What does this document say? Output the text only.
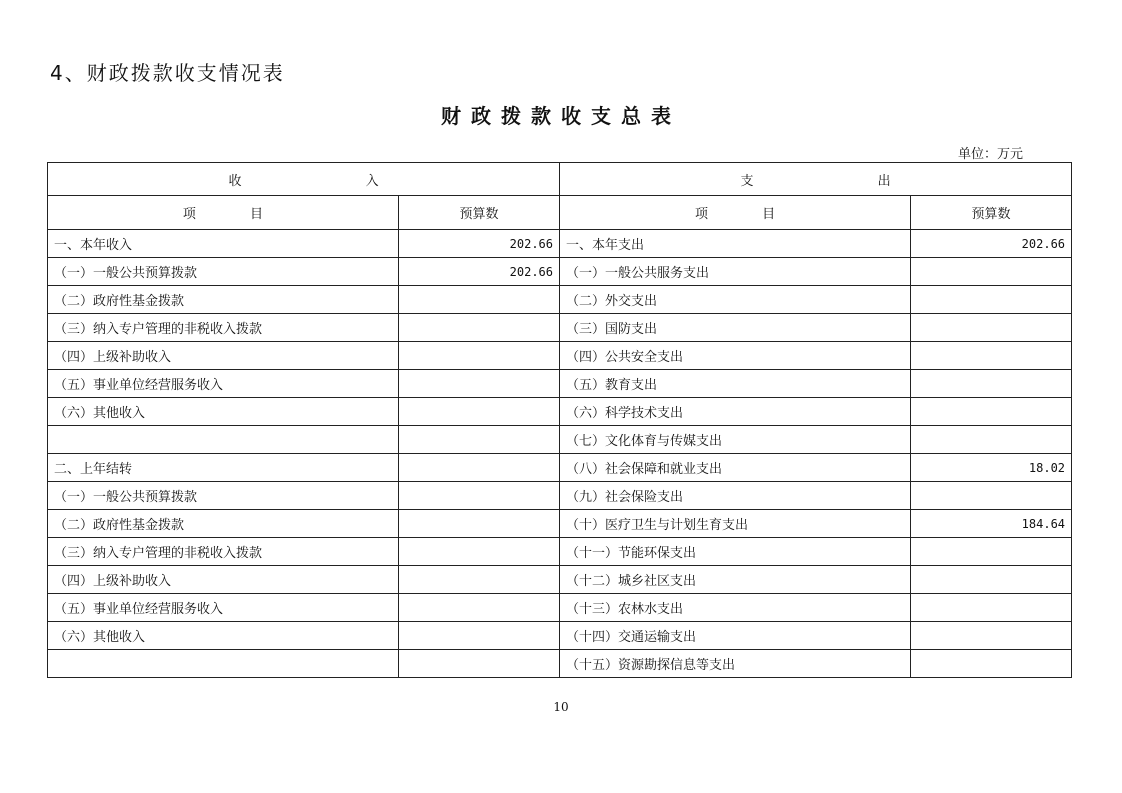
4、财政拨款收支情况表
财政拨款收支总表
单位：万元
收 入		支 出	
项 目	预算数	项 目	预算数
一、本年收入	202.66	一、本年支出	202.66
（一）一般公共预算拨款	202.66	（一）一般公共服务支出	
（二）政府性基金拨款		（二）外交支出	
（三）纳入专户管理的非税收入拨款		（三）国防支出	
（四）上级补助收入		（四）公共安全支出	
（五）事业单位经营服务收入		（五）教育支出	
（六）其他收入		（六）科学技术支出	
		（七）文化体育与传媒支出	
二、上年结转		（八）社会保障和就业支出	18.02
（一）一般公共预算拨款		（九）社会保险支出	
（二）政府性基金拨款		（十）医疗卫生与计划生育支出	184.64
（三）纳入专户管理的非税收入拨款		（十一）节能环保支出	
（四）上级补助收入		（十二）城乡社区支出	
（五）事业单位经营服务收入		（十三）农林水支出	
（六）其他收入		（十四）交通运输支出	
		（十五）资源勘探信息等支出	
10
